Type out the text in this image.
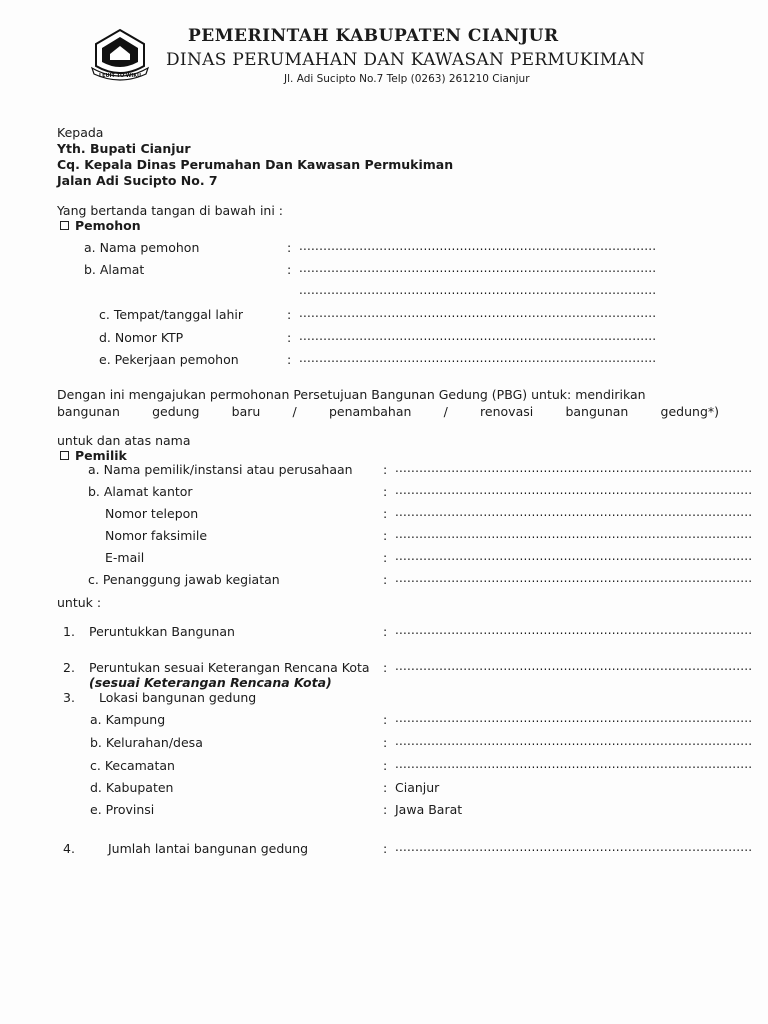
LEUIT TO'WIKU
PEMERINTAH KABUPATEN CIANJUR
DINAS PERUMAHAN DAN KAWASAN PERMUKIMAN
Jl. Adi Sucipto No.7 Telp (0263) 261210 Cianjur
Kepada
Yth. Bupati Cianjur
Cq. Kepala Dinas Perumahan Dan Kawasan Permukiman
Jalan Adi Sucipto No. 7
Yang bertanda tangan di bawah ini :
Pemohon
a. Nama pemohon	: .........................................................................................
b. Alamat	: .........................................................................................
.........................................................................................
c. Tempat/tanggal lahir	: .........................................................................................
d. Nomor KTP	: .........................................................................................
e. Pekerjaan pemohon	: .........................................................................................
Dengan ini mengajukan permohonan Persetujuan Bangunan Gedung (PBG) untuk: mendirikan
bangunan gedung baru / penambahan / renovasi bangunan gedung*)
untuk dan atas nama
Pemilik
a. Nama pemilik/instansi atau perusahaan : .........................................................................................
b. Alamat kantor	: .........................................................................................
Nomor telepon	: .........................................................................................
Nomor faksimile	: .........................................................................................
E-mail	: .........................................................................................
c. Penanggung jawab kegiatan	: .........................................................................................
untuk :
1. Peruntukkan Bangunan	: .........................................................................................
2. Peruntukan sesuai Keterangan Rencana Kota : .........................................................................................
(sesuai Keterangan Rencana Kota)
3. Lokasi bangunan gedung
a. Kampung	: .........................................................................................
b. Kelurahan/desa	: .........................................................................................
c. Kecamatan	: .........................................................................................
d. Kabupaten	: Cianjur
e. Provinsi	: Jawa Barat
4.	Jumlah lantai bangunan gedung	: .........................................................................................
